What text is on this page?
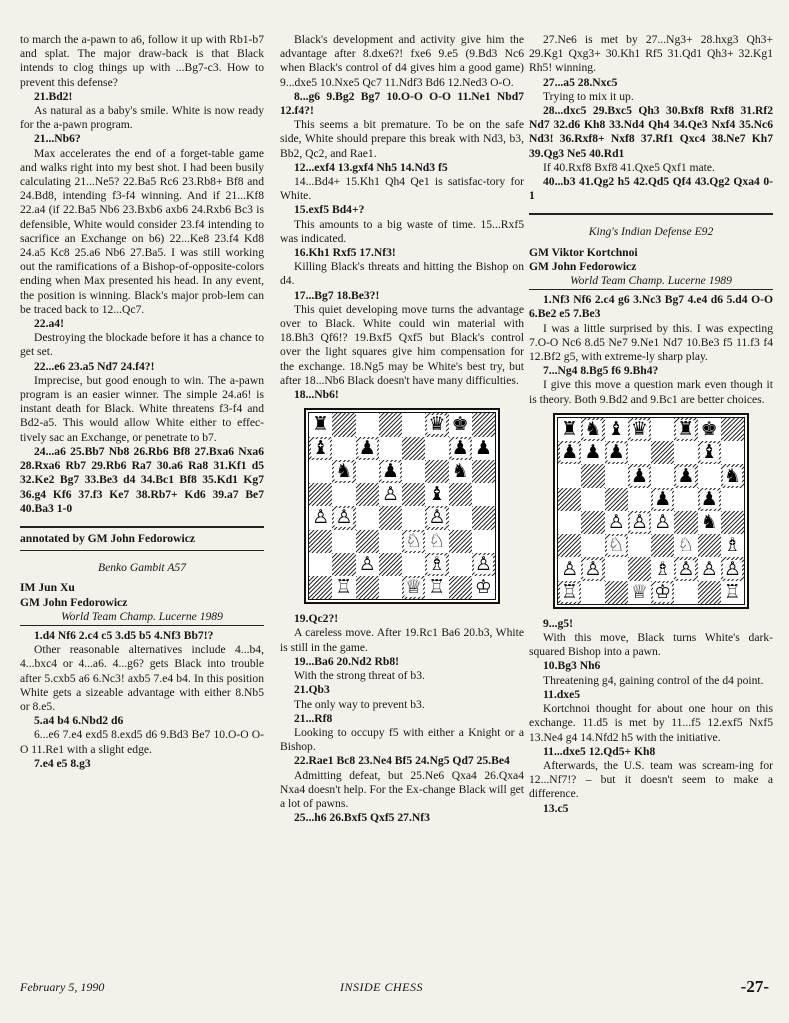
to march the a-pawn to a6, follow it up with Rb1-b7 and splat. The major draw-back is that Black intends to clog things up with ...Bg7-c3. How to prevent this defense?

21.Bd2!

As natural as a baby's smile. White is now ready for the a-pawn program.

21...Nb6?

Max accelerates the end of a forget-table game and walks right into my best shot. I had been busily calculating 21...Ne5? 22.Ba5 Rc6 23.Rb8+ Bf8 and 24.Bd8, intending f3-f4 winning. And if 21...Kf8 22.a4 (if 22.Ba5 Nb6 23.Bxb6 axb6 24.Rxb6 Bc3 is defensible, White would consider 23.f4 intending to sacrifice an Exchange on b6) 22...Ke8 23.f4 Kd8 24.a5 Kc8 25.a6 Nb6 27.Ba5. I was still working out the ramifications of a Bishop-of-opposite-colors ending when Max presented his head. In any event, the position is winning. Black's major prob-lem can be traced back to 12...Qc7.

22.a4!

Destroying the blockade before it has a chance to get set.

22...e6 23.a5 Nd7 24.f4?!

Imprecise, but good enough to win. The a-pawn program is an easier winner. The simple 24.a6! is instant death for Black. White threatens f3-f4 and Bd2-a5. This would allow White either to effec-tively sac an Exchange, or penetrate to b7.

24...a6 25.Bb7 Nb8 26.Rb6 Bf8 27.Bxa6 Nxa6 28.Rxa6 Rb7 29.Rb6 Ra7 30.a6 Ra8 31.Kf1 d5 32.Ke2 Bg7 33.Be3 d4 34.Bc1 Bf8 35.Kd1 Kg7 36.g4 Kf6 37.f3 Ke7 38.Rb7+ Kd6 39.a7 Be7 40.Ba3 1-0

annotated by GM John Fedorowicz

Benko Gambit A57

IM Jun Xu

GM John Fedorowicz

World Team Champ. Lucerne 1989

1.d4 Nf6 2.c4 c5 3.d5 b5 4.Nf3 Bb7!?

Other reasonable alternatives include 4...b4, 4...bxc4 or 4...a6. 4...g6? gets Black into trouble after 5.cxb5 a6 6.Nc3! axb5 7.e4 b4. In this position White gets a sizeable advantage with either 8.Nb5 or 8.e5.

5.a4 b4 6.Nbd2 d6

6...e6 7.e4 exd5 8.exd5 d6 9.Bd3 Be7 10.O-O O-O 11.Re1 with a slight edge.

7.e4 e5 8.g3

Black's development and activity give him the advantage after 8.dxe6?! fxe6 9.e5 (9.Bd3 Nc6 when Black's control of d4 gives him a good game) 9...dxe5 10.Nxe5 Qc7 11.Ndf3 Bd6 12.Ned3 O-O.

8...g6 9.Bg2 Bg7 10.O-O O-O 11.Ne1 Nbd7 12.f4?!

This seems a bit premature. To be on the safe side, White should prepare this break with Nd3, b3, Bb2, Qc2, and Rae1.

12...exf4 13.gxf4 Nh5 14.Nd3 f5

14...Bd4+ 15.Kh1 Qh4 Qe1 is satisfac-tory for White.

15.exf5 Bd4+?

This amounts to a big waste of time. 15...Rxf5 was indicated.

16.Kh1 Rxf5 17.Nf3!

Killing Black's threats and hitting the Bishop on d4.

17...Bg7 18.Be3?!

This quiet developing move turns the advantage over to Black. White could win material with 18.Bh3 Qf6!? 19.Bxf5 Qxf5 but Black's control over the light squares give him compensation for the exchange. 18.Ng5 may be White's best try, but after 18...Nb6 Black doesn't have many difficulties.

18...Nb6!

♜	♛ ♚
♝ ♟	♟ ♟
♞ ♟	♞
♙ ♝
♙ ♙	♙
♘ ♘
♙	♗ ♙
♖	♕ ♖ ♔

19.Qc2?!

A careless move. After 19.Rc1 Ba6 20.b3, White is still in the game.

19...Ba6 20.Nd2 Rb8!

With the strong threat of b3.

21.Qb3

The only way to prevent b3.

21...Rf8

Looking to occupy f5 with either a Knight or a Bishop.

22.Rae1 Bc8 23.Ne4 Bf5 24.Ng5 Qd7 25.Be4

Admitting defeat, but 25.Ne6 Qxa4 26.Qxa4 Nxa4 doesn't help. For the Ex-change Black will get a lot of pawns.

25...h6 26.Bxf5 Qxf5 27.Nf3

27.Ne6 is met by 27...Ng3+ 28.hxg3 Qh3+ 29.Kg1 Qxg3+ 30.Kh1 Rf5 31.Qd1 Qh3+ 32.Kg1 Rh5! winning.

27...a5 28.Nxc5

Trying to mix it up.

28...dxc5 29.Bxc5 Qh3 30.Bxf8 Rxf8 31.Rf2 Nd7 32.d6 Kh8 33.Nd4 Qh4 34.Qe3 Nxf4 35.Nc6 Nd3! 36.Rxf8+ Nxf8 37.Rf1 Qxc4 38.Ne7 Kh7 39.Qg3 Ne5 40.Rd1

If 40.Rxf8 Bxf8 41.Qxe5 Qxf1 mate.

40...b3 41.Qg2 h5 42.Qd5 Qf4 43.Qg2 Qxa4 0-1

King's Indian Defense E92

GM Viktor Kortchnoi

GM John Fedorowicz

World Team Champ. Lucerne 1989

1.Nf3 Nf6 2.c4 g6 3.Nc3 Bg7 4.e4 d6 5.d4 O-O 6.Be2 e5 7.Be3

I was a little surprised by this. I was expecting 7.O-O Nc6 8.d5 Ne7 9.Ne1 Nd7 10.Be3 f5 11.f3 f4 12.Bf2 g5, with extreme-ly sharp play.

7...Ng4 8.Bg5 f6 9.Bh4?

I give this move a question mark even though it is theory. Both 9.Bd2 and 9.Bc1 are better choices.

♜ ♞ ♝ ♛ ♜ ♚
♟ ♟ ♟	♝
♟ ♟ ♞
♟ ♟
♙ ♙ ♙ ♞
♘	♘ ♗
♙ ♙	♗ ♙ ♙ ♙
♖	♕ ♔	♖

9...g5!

With this move, Black turns White's dark-squared Bishop into a pawn.

10.Bg3 Nh6

Threatening g4, gaining control of the d4 point.

11.dxe5

Kortchnoi thought for about one hour on this exchange. 11.d5 is met by 11...f5 12.exf5 Nxf5 13.Ne4 g4 14.Nfd2 h5 with the initiative.

11...dxe5 12.Qd5+ Kh8

Afterwards, the U.S. team was scream-ing for 12...Nf7!? – but it doesn't seem to make a difference.

13.c5

February 5, 1990	INSIDE CHESS	-27-
